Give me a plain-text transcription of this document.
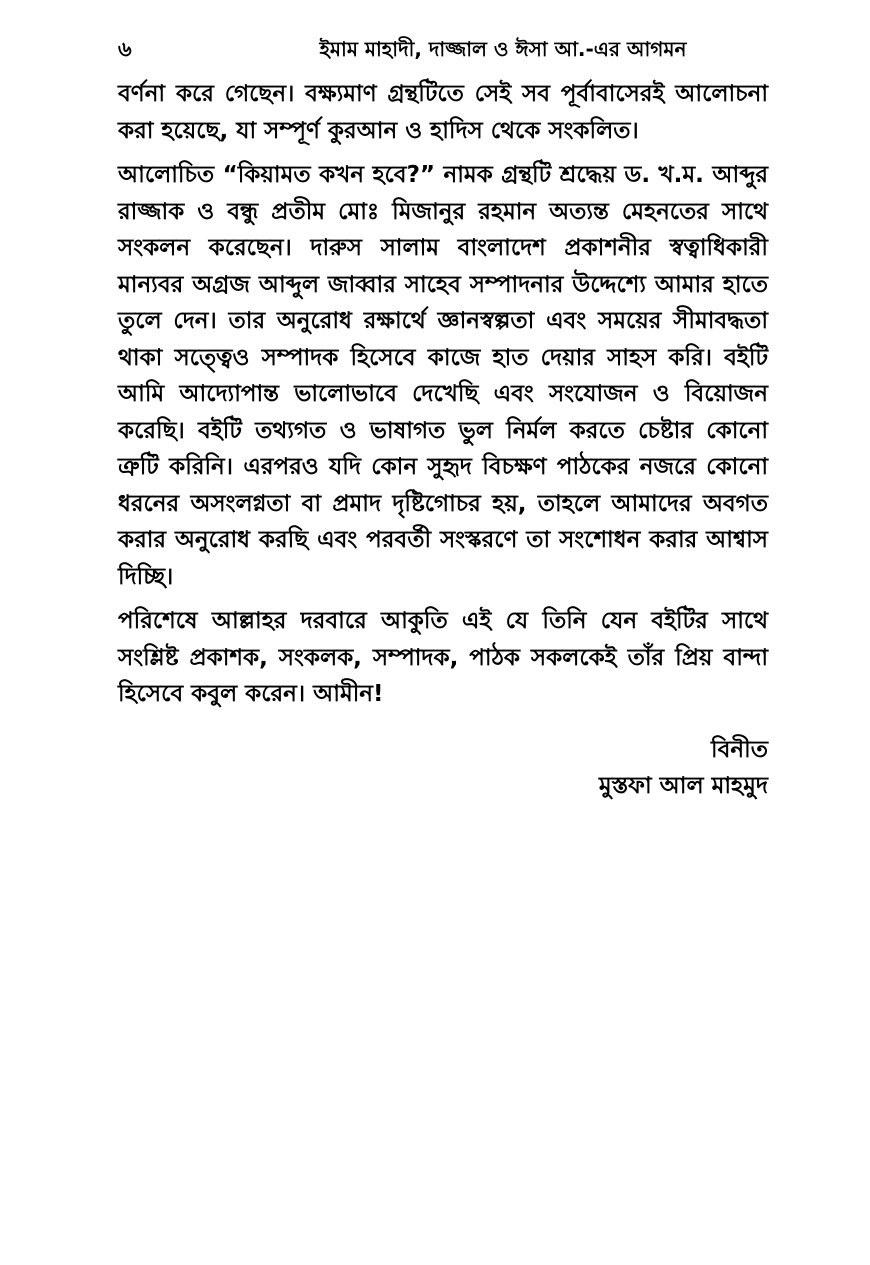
৬	ইমাম মাহাদী, দাজ্জাল ও ঈসা আ.-এর আগমন

বর্ণনা করে গেছেন। বক্ষ্যমাণ গ্রন্থটিতে সেই সব পূর্বাবাসেরই আলোচনা করা হয়েছে, যা সম্পূর্ণ কুরআন ও হাদিস থেকে সংকলিত।

আলোচিত “কিয়ামত কখন হবে?” নামক গ্রন্থটি শ্রদ্ধেয় ড. খ.ম. আব্দুর রাজ্জাক ও বন্ধু প্রতীম মোঃ মিজানুর রহমান অত্যন্ত মেহনতের সাথে সংকলন করেছেন। দারুস সালাম বাংলাদেশ প্রকাশনীর স্বত্বাধিকারী মান্যবর অগ্রজ আব্দুল জাব্বার সাহেব সম্পাদনার উদ্দেশ্যে আমার হাতে তুলে দেন। তার অনুরোধ রক্ষার্থে জ্ঞানস্বল্পতা এবং সময়ের সীমাবদ্ধতা থাকা সত্ত্বেও সম্পাদক হিসেবে কাজে হাত দেয়ার সাহস করি। বইটি আমি আদ্যোপান্ত ভালোভাবে দেখেছি এবং সংযোজন ও বিয়োজন করেছি। বইটি তথ্যগত ও ভাষাগত ভুল নির্মল করতে চেষ্টার কোনো ত্রুটি করিনি। এরপরও যদি কোন সুহৃদ বিচক্ষণ পাঠকের নজরে কোনো ধরনের অসংলগ্নতা বা প্রমাদ দৃষ্টিগোচর হয়, তাহলে আমাদের অবগত করার অনুরোধ করছি এবং পরবর্তী সংস্করণে তা সংশোধন করার আশ্বাস দিচ্ছি।

পরিশেষে আল্লাহর দরবারে আকুতি এই যে তিনি যেন বইটির সাথে সংশ্লিষ্ট প্রকাশক, সংকলক, সম্পাদক, পাঠক সকলকেই তাঁর প্রিয় বান্দা হিসেবে কবুল করেন। আমীন!

বিনীত
মুস্তফা আল মাহমুদ
